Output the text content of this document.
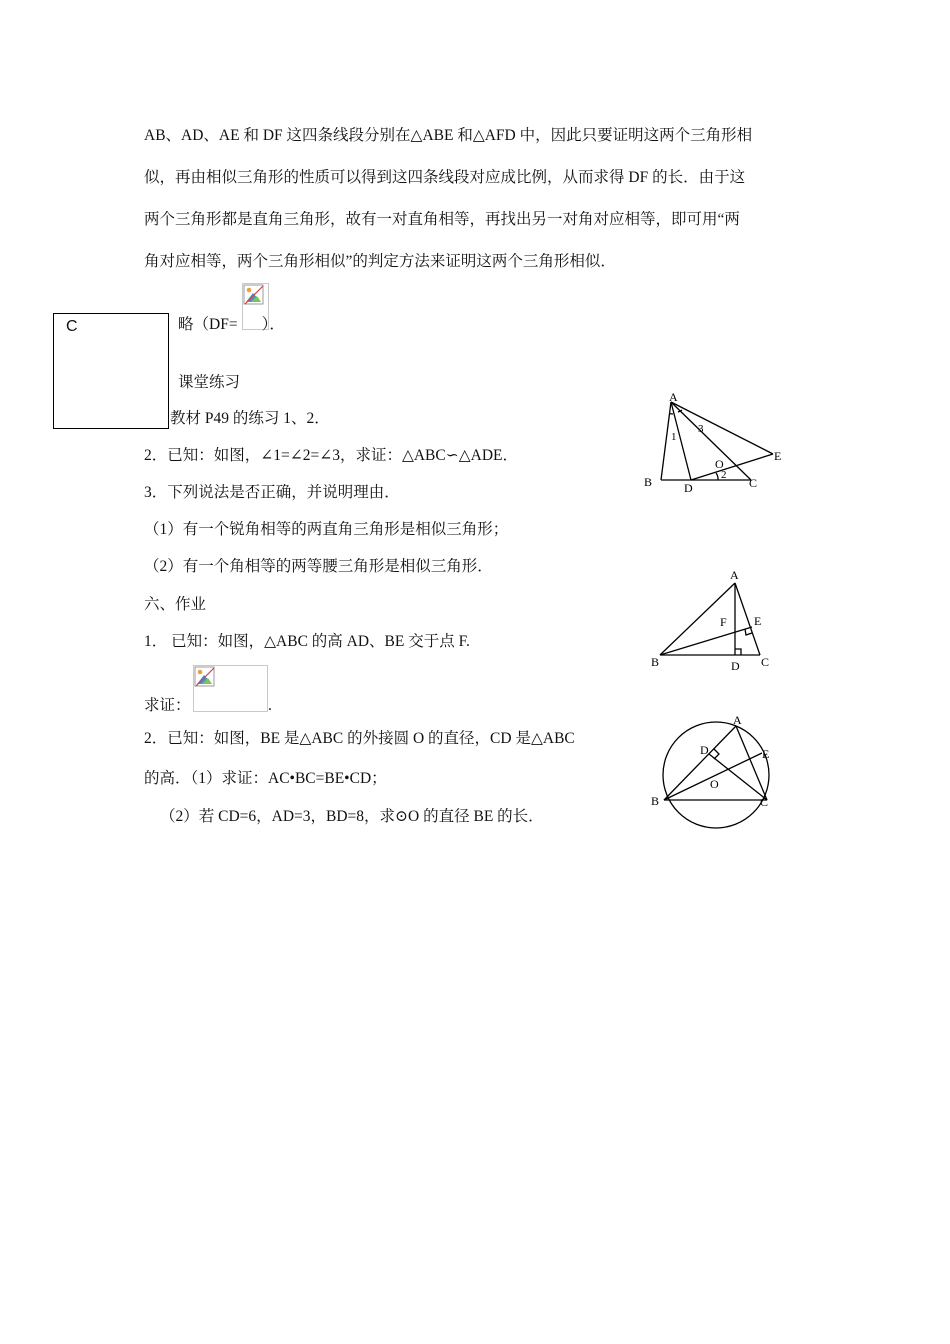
AB、AD、AE 和 DF 这四条线段分别在△ABE 和△AFD 中，因此只要证明这两个三角形相
似，再由相似三角形的性质可以得到这四条线段对应成比例，从而求得 DF 的长．由于这
两个三角形都是直角三角形，故有一对直角相等，再找出另一对角对应相等，即可用“两
角对应相等，两个三角形相似”的判定方法来证明这两个三角形相似．
略（DF= ）．
C
课堂练习
教材 P49 的练习 1、2．
2．已知：如图，∠1=∠2=∠3，求证：△ABC∽△ADE．
3．下列说法是否正确，并说明理由．
（1）有一个锐角相等的两直角三角形是相似三角形；
（2）有一个角相等的两等腰三角形是相似三角形．
六、作业
1． 已知：如图，△ABC 的高 AD、BE 交于点 F.
求证：	.
2．已知：如图，BE 是△ABC 的外接圆 O 的直径，CD 是△ABC
的高．（1）求证：AC•BC=BE•CD；
（2）若 CD=6，AD=3，BD=8，求⊙O 的直径 BE 的长．
A
B	C
D
E
O
1
2
3
A
B	C
D
E
F
A
B	C
D	E
O
